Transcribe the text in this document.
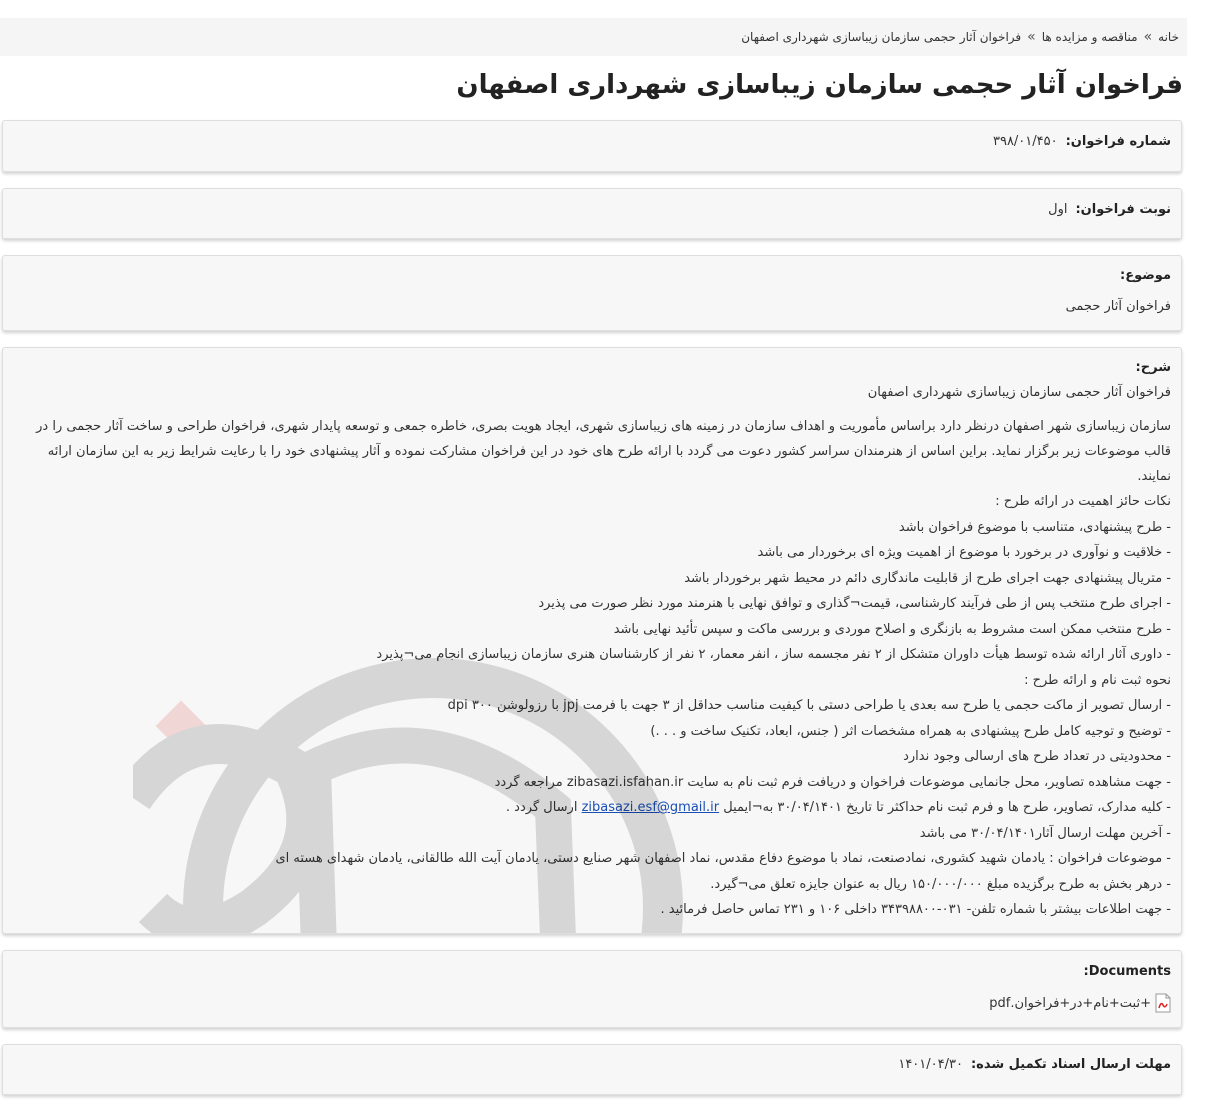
خانه
»
مناقصه و مزایده ها
»
فراخوان آثار حجمی سازمان زیباسازی شهرداری اصفهان
فراخوان آثار حجمی سازمان زیباسازی شهرداری اصفهان
شماره فراخوان:
۳۹۸/۰۱/۴۵۰
نوبت فراخوان:
اول
موضوع:
فراخوان آثار حجمی
شرح:
فراخوان آثار حجمی سازمان زیباسازی شهرداری اصفهان

سازمان زیباسازی شهر اصفهان درنظر دارد براساس مأموریت و اهداف سازمان در زمینه های زیباسازی شهری، ایجاد هویت بصری، خاطره جمعی و توسعه پایدار شهری، فراخوان طراحی و ساخت آثار حجمی را در قالب موضوعات زیر برگزار نماید. براین اساس از هنرمندان سراسر کشور دعوت می گردد با ارائه طرح های خود در این فراخوان مشارکت نموده و آثار پیشنهادی خود را با رعایت شرایط زیر به این سازمان ارائه نمایند.

نکات حائز اهمیت در ارائه طرح :

- طرح پیشنهادی، متناسب با موضوع فراخوان باشد

- خلاقیت و نوآوری در برخورد با موضوع از اهمیت ویژه ای برخوردار می باشد

- متریال پیشنهادی جهت اجرای طرح از قابلیت ماندگاری دائم در محیط شهر برخوردار باشد

- اجرای طرح منتخب پس از طی فرآیند کارشناسی، قیمت¬گذاری و توافق نهایی با هنرمند مورد نظر صورت می پذیرد

- طرح منتخب ممکن است مشروط به بازنگری و اصلاح موردی و بررسی ماکت و سپس تأئید نهایی باشد

- داوری آثار ارائه شده توسط هیأت داوران متشکل از ۲ نفر مجسمه ساز ، انفر معمار، ۲ نفر از کارشناسان هنری سازمان زیباسازی انجام می¬پذیرد

نحوه ثبت نام و ارائه طرح :

- ارسال تصویر از ماکت حجمی یا طرح سه بعدی یا طراحی دستی با کیفیت مناسب حداقل از ۳ جهت با فرمت jpj با رزولوشن ۳۰۰ dpi

- توضیح و توجیه کامل طرح پیشنهادی به همراه مشخصات اثر ( جنس، ابعاد، تکنیک ساخت و . . .)

- محدودیتی در تعداد طرح های ارسالی وجود ندارد

- جهت مشاهده تصاویر، محل جانمایی موضوعات فراخوان و دریافت فرم ثبت نام به سایت zibasazi.isfahan.ir مراجعه گردد

- کلیه مدارک، تصاویر، طرح ها و فرم ثبت نام حداکثر تا تاریخ ۳۰/۰۴/۱۴۰۱ به¬ایمیل zibasazi.esf@gmail.ir ارسال گردد .

- آخرین مهلت ارسال آثار۳۰/۰۴/۱۴۰۱ می باشد

- موضوعات فراخوان : یادمان شهید کشوری، نمادصنعت، نماد با موضوع دفاع مقدس، نماد اصفهان شهر صنایع دستی، یادمان آیت الله طالقانی، یادمان شهدای هسته ای

- درهر بخش به طرح برگزیده مبلغ ۱۵۰/۰۰۰/۰۰۰ ریال به عنوان جایزه تعلق می¬گیرد.

- جهت اطلاعات بیشتر با شماره تلفن- ۰۳۱-۳۴۳۹۸۸۰۰ داخلی ۱۰۶ و ۲۳۱ تماس حاصل فرمائید .

Documents:
+ثبت+نام+در+فراخوان.pdf
مهلت ارسال اسناد تکمیل شده:
۱۴۰۱/۰۴/۳۰
